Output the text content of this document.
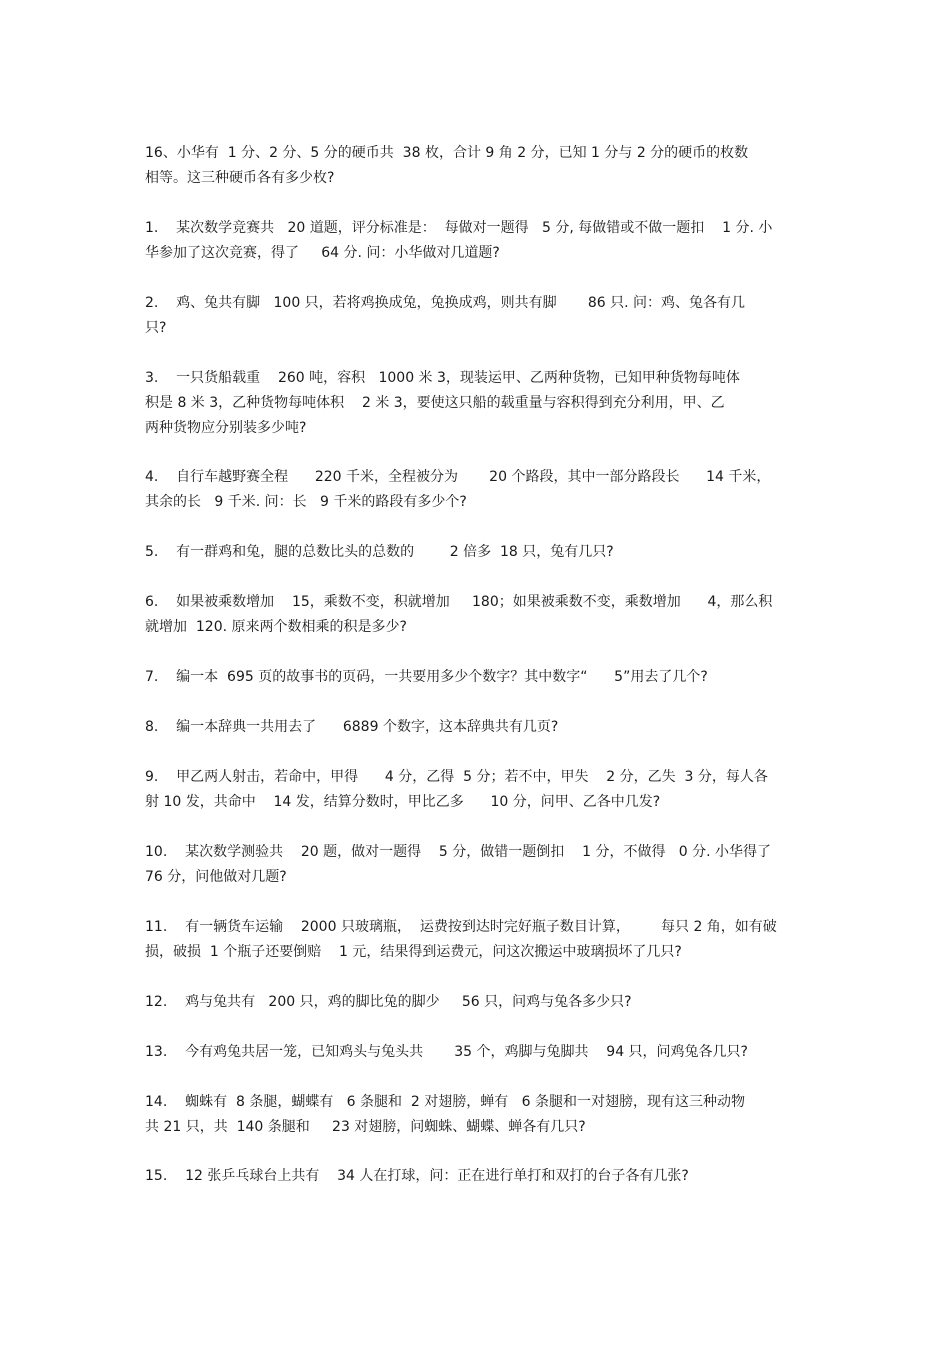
16、小华有  1 分、2 分、5 分的硬币共  38 枚，合计 9 角 2 分，已知 1 分与 2 分的硬币的枚数
相等。这三种硬币各有多少枚?
1.    某次数学竞赛共   20 道题，评分标准是：  每做对一题得   5 分, 每做错或不做一题扣    1 分. 小
华参加了这次竞赛，得了     64 分. 问：小华做对几道题?
2.    鸡、兔共有脚   100 只，若将鸡换成兔，兔换成鸡，则共有脚       86 只. 问：鸡、兔各有几
只?
3.    一只货船载重    260 吨，容积   1000 米 3，现装运甲、乙两种货物，已知甲种货物每吨体
积是 8 米 3，乙种货物每吨体积    2 米 3，要使这只船的载重量与容积得到充分利用，甲、乙
两种货物应分别装多少吨?
4.    自行车越野赛全程      220 千米，全程被分为       20 个路段，其中一部分路段长      14 千米，
其余的长   9 千米. 问：长   9 千米的路段有多少个?
5.    有一群鸡和兔，腿的总数比头的总数的        2 倍多  18 只，兔有几只?
6.    如果被乘数增加    15，乘数不变，积就增加     180；如果被乘数不变，乘数增加      4，那么积
就增加  120. 原来两个数相乘的积是多少?
7.    编一本  695 页的故事书的页码，一共要用多少个数字？其中数字“      5”用去了几个?
8.    编一本辞典一共用去了      6889 个数字，这本辞典共有几页?
9.    甲乙两人射击，若命中，甲得      4 分，乙得  5 分；若不中，甲失    2 分，乙失  3 分，每人各
射 10 发，共命中    14 发，结算分数时，甲比乙多      10 分，问甲、乙各中几发?
10.    某次数学测验共    20 题，做对一题得    5 分，做错一题倒扣    1 分，不做得   0 分. 小华得了
76 分，问他做对几题?
11.    有一辆货车运输    2000 只玻璃瓶，  运费按到达时完好瓶子数目计算，       每只 2 角，如有破
损，破损  1 个瓶子还要倒赔    1 元，结果得到运费元，问这次搬运中玻璃损坏了几只?
12.    鸡与兔共有   200 只，鸡的脚比兔的脚少     56 只，问鸡与兔各多少只?
13.    今有鸡兔共居一笼，已知鸡头与兔头共       35 个，鸡脚与兔脚共    94 只，问鸡兔各几只?
14.    蜘蛛有  8 条腿，蝴蝶有   6 条腿和  2 对翅膀，蝉有   6 条腿和一对翅膀，现有这三种动物
共 21 只，共  140 条腿和     23 对翅膀，问蜘蛛、蝴蝶、蝉各有几只?
15.    12 张乒乓球台上共有    34 人在打球，问：正在进行单打和双打的台子各有几张?
